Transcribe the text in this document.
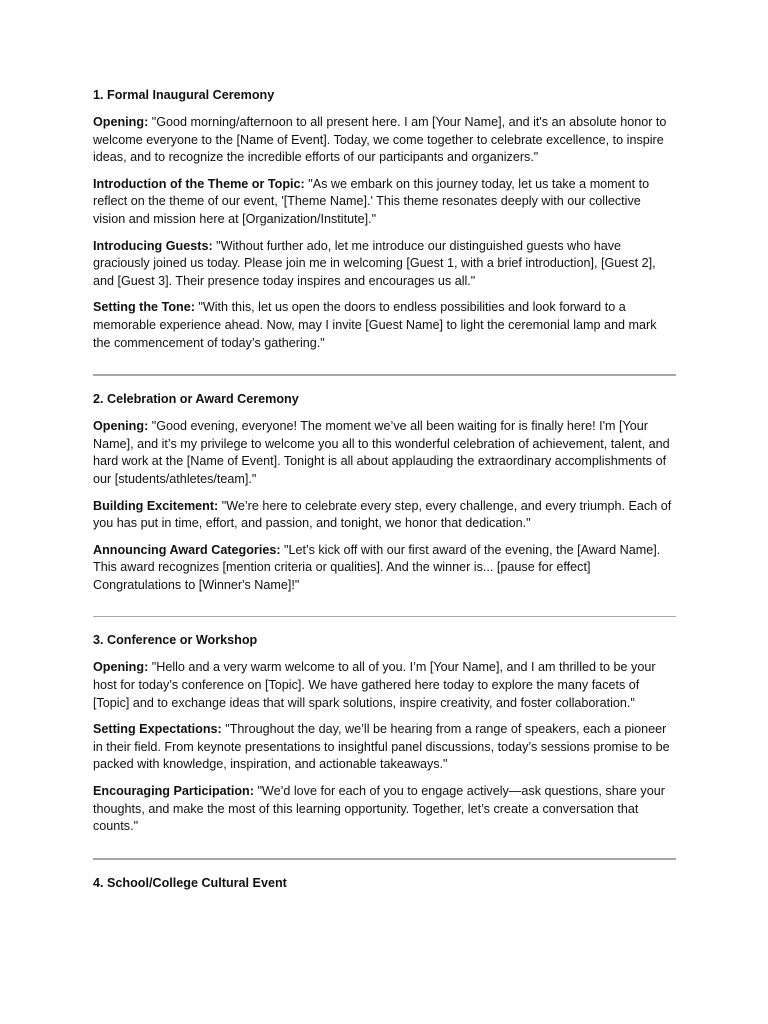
1. Formal Inaugural Ceremony

Opening: "Good morning/afternoon to all present here. I am [Your Name], and it's an absolute honor to welcome everyone to the [Name of Event]. Today, we come together to celebrate excellence, to inspire ideas, and to recognize the incredible efforts of our participants and organizers."

Introduction of the Theme or Topic: "As we embark on this journey today, let us take a moment to reflect on the theme of our event, '[Theme Name].' This theme resonates deeply with our collective vision and mission here at [Organization/Institute]."

Introducing Guests: "Without further ado, let me introduce our distinguished guests who have graciously joined us today. Please join me in welcoming [Guest 1, with a brief introduction], [Guest 2], and [Guest 3]. Their presence today inspires and encourages us all."

Setting the Tone: "With this, let us open the doors to endless possibilities and look forward to a memorable experience ahead. Now, may I invite [Guest Name] to light the ceremonial lamp and mark the commencement of today’s gathering."

2. Celebration or Award Ceremony

Opening: "Good evening, everyone! The moment we’ve all been waiting for is finally here! I'm [Your Name], and it’s my privilege to welcome you all to this wonderful celebration of achievement, talent, and hard work at the [Name of Event]. Tonight is all about applauding the extraordinary accomplishments of our [students/athletes/team]."

Building Excitement: "We’re here to celebrate every step, every challenge, and every triumph. Each of you has put in time, effort, and passion, and tonight, we honor that dedication."

Announcing Award Categories: "Let’s kick off with our first award of the evening, the [Award Name]. This award recognizes [mention criteria or qualities]. And the winner is... [pause for effect] Congratulations to [Winner's Name]!"

3. Conference or Workshop

Opening: "Hello and a very warm welcome to all of you. I’m [Your Name], and I am thrilled to be your host for today’s conference on [Topic]. We have gathered here today to explore the many facets of [Topic] and to exchange ideas that will spark solutions, inspire creativity, and foster collaboration."

Setting Expectations: "Throughout the day, we’ll be hearing from a range of speakers, each a pioneer in their field. From keynote presentations to insightful panel discussions, today’s sessions promise to be packed with knowledge, inspiration, and actionable takeaways."

Encouraging Participation: "We’d love for each of you to engage actively—ask questions, share your thoughts, and make the most of this learning opportunity. Together, let’s create a conversation that counts."

4. School/College Cultural Event
